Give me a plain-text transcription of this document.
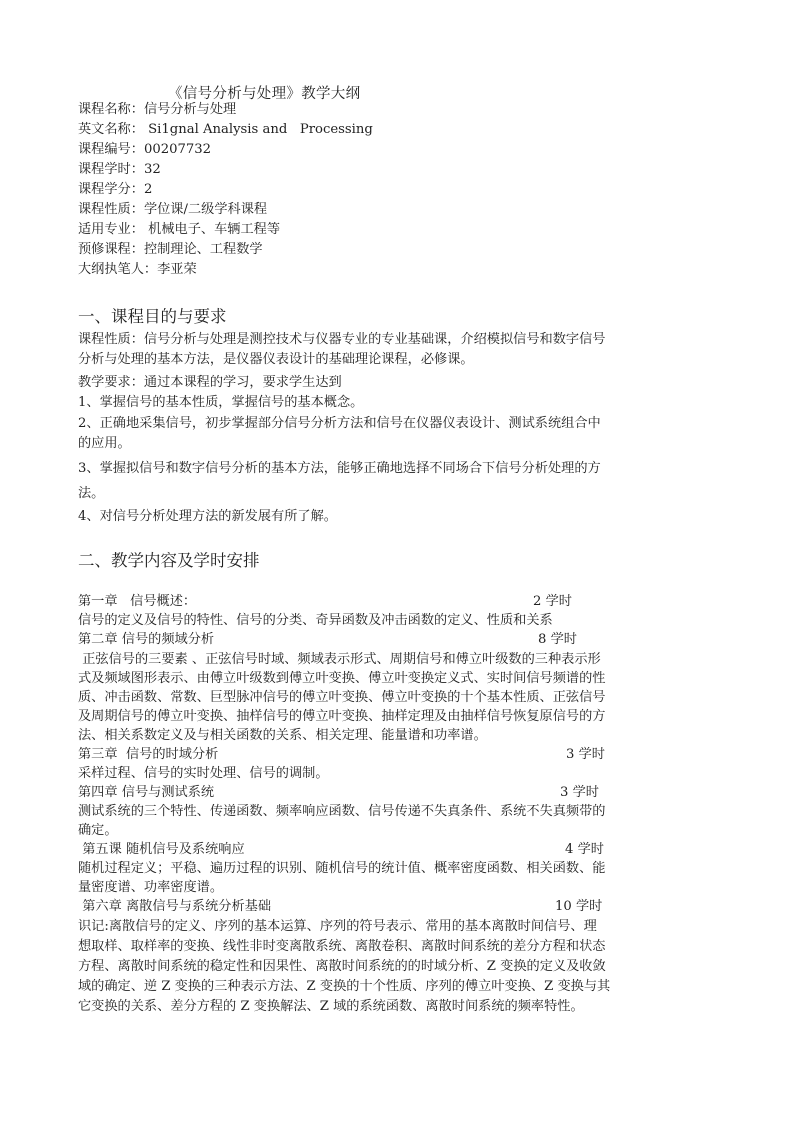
《信号分析与处理》教学大纲
课程名称：信号分析与处理
英文名称： Si1gnal Analysis and   Processing
课程编号：00207732
课程学时：32
课程学分：2
课程性质：学位课/二级学科课程
适用专业： 机械电子、车辆工程等
预修课程：控制理论、工程数学
大纲执笔人：李亚荣
一、课程目的与要求
课程性质：信号分析与处理是测控技术与仪器专业的专业基础课，介绍模拟信号和数字信号
分析与处理的基本方法，是仪器仪表设计的基础理论课程，必修课。
教学要求：通过本课程的学习，要求学生达到
1、掌握信号的基本性质，掌握信号的基本概念。
2、正确地采集信号，初步掌握部分信号分析方法和信号在仪器仪表设计、测试系统组合中
的应用。
3、掌握拟信号和数字信号分析的基本方法，能够正确地选择不同场合下信号分析处理的方
法。
4、对信号分析处理方法的新发展有所了解。
二、教学内容及学时安排
第一章   信号概述：	2 学时
信号的定义及信号的特性、信号的分类、奇异函数及冲击函数的定义、性质和关系
第二章 信号的频域分析	8 学时
正弦信号的三要素 、正弦信号时域、频域表示形式、周期信号和傅立叶级数的三种表示形
式及频域图形表示、由傅立叶级数到傅立叶变换、傅立叶变换定义式、实时间信号频谱的性
质、冲击函数、常数、巨型脉冲信号的傅立叶变换、傅立叶变换的十个基本性质、正弦信号
及周期信号的傅立叶变换、抽样信号的傅立叶变换、抽样定理及由抽样信号恢复原信号的方
法、相关系数定义及与相关函数的关系、相关定理、能量谱和功率谱。
第三章  信号的时域分析	3 学时
采样过程、信号的实时处理、信号的调制。
第四章 信号与测试系统	3 学时
测试系统的三个特性、传递函数、频率响应函数、信号传递不失真条件、系统不失真频带的
确定。
第五课 随机信号及系统响应	4 学时
随机过程定义；平稳、遍历过程的识别、随机信号的统计值、概率密度函数、相关函数、能
量密度谱、功率密度谱。
第六章 离散信号与系统分析基础	10 学时
识记:离散信号的定义、序列的基本运算、序列的符号表示、常用的基本离散时间信号、理
想取样、取样率的变换、线性非时变离散系统、离散卷积、离散时间系统的差分方程和状态
方程、离散时间系统的稳定性和因果性、离散时间系统的的时域分析、Z 变换的定义及收敛
域的确定、逆 Z 变换的三种表示方法、Z 变换的十个性质、序列的傅立叶变换、Z 变换与其
它变换的关系、差分方程的 Z 变换解法、Z 域的系统函数、离散时间系统的频率特性。
